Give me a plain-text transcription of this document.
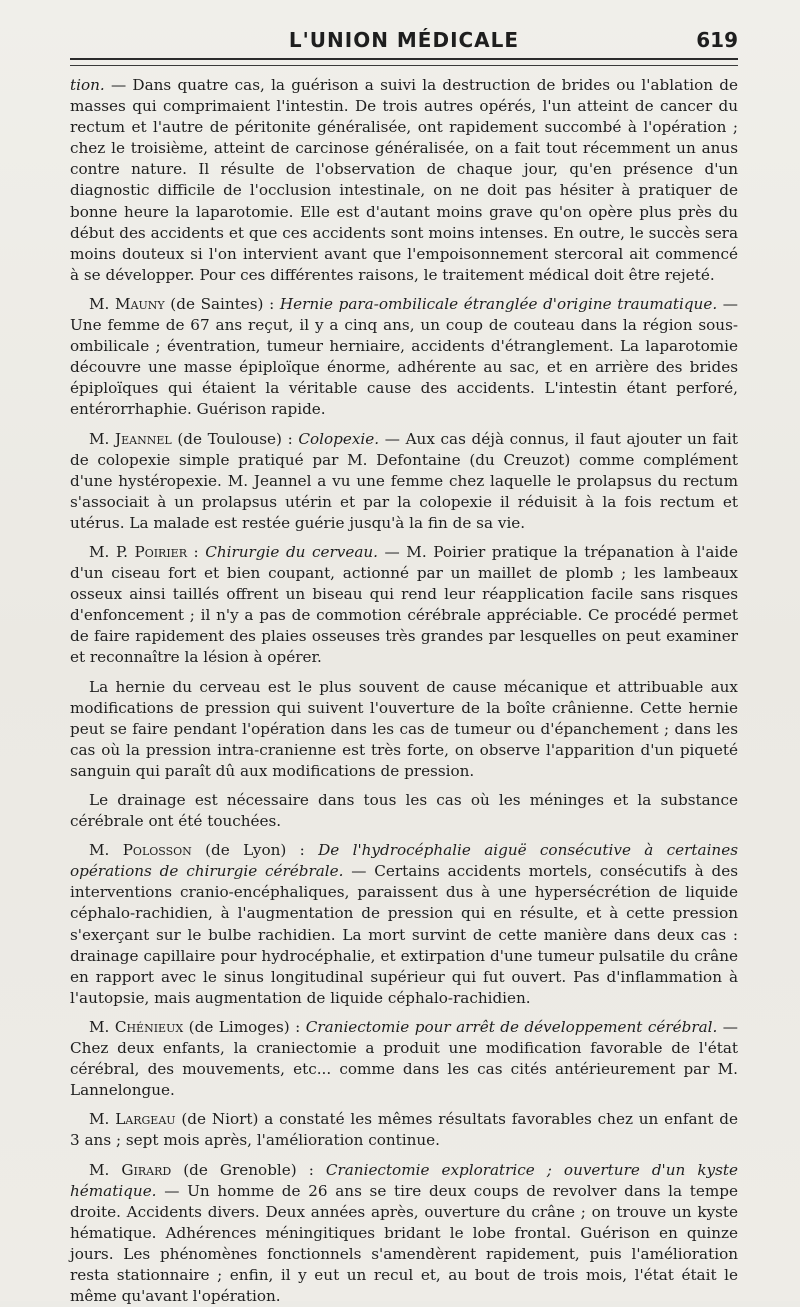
L'UNION MÉDICALE	619

tion. — Dans quatre cas, la guérison a suivi la destruction de brides ou l'ablation de masses qui comprimaient l'intestin. De trois autres opérés, l'un atteint de cancer du rectum et l'autre de péritonite généralisée, ont rapidement succombé à l'opération ; chez le troisième, atteint de carcinose généralisée, on a fait tout récemment un anus contre nature. Il résulte de l'observation de chaque jour, qu'en présence d'un diagnostic difficile de l'occlusion intestinale, on ne doit pas hésiter à pratiquer de bonne heure la laparotomie. Elle est d'autant moins grave qu'on opère plus près du début des accidents et que ces accidents sont moins intenses. En outre, le succès sera moins douteux si l'on intervient avant que l'empoisonnement stercoral ait commencé à se développer. Pour ces différentes raisons, le traitement médical doit être rejeté.

M. Mauny (de Saintes) : Hernie para-ombilicale étranglée d'origine traumatique. — Une femme de 67 ans reçut, il y a cinq ans, un coup de couteau dans la région sous-ombilicale ; éventration, tumeur herniaire, accidents d'étranglement. La laparotomie découvre une masse épiploïque énorme, adhérente au sac, et en arrière des brides épiploïques qui étaient la véritable cause des accidents. L'intestin étant perforé, entérorrhaphie. Guérison rapide.

M. Jeannel (de Toulouse) : Colopexie. — Aux cas déjà connus, il faut ajouter un fait de colopexie simple pratiqué par M. Defontaine (du Creuzot) comme complément d'une hystéropexie. M. Jeannel a vu une femme chez laquelle le prolapsus du rectum s'associait à un prolapsus utérin et par la colopexie il réduisit à la fois rectum et utérus. La malade est restée guérie jusqu'à la fin de sa vie.

M. P. Poirier : Chirurgie du cerveau. — M. Poirier pratique la trépanation à l'aide d'un ciseau fort et bien coupant, actionné par un maillet de plomb ; les lambeaux osseux ainsi taillés offrent un biseau qui rend leur réapplication facile sans risques d'enfoncement ; il n'y a pas de commotion cérébrale appréciable. Ce procédé permet de faire rapidement des plaies osseuses très grandes par lesquelles on peut examiner et reconnaître la lésion à opérer.

La hernie du cerveau est le plus souvent de cause mécanique et attribuable aux modifications de pression qui suivent l'ouverture de la boîte crânienne. Cette hernie peut se faire pendant l'opération dans les cas de tumeur ou d'épanchement ; dans les cas où la pression intra-cranienne est très forte, on observe l'apparition d'un piqueté sanguin qui paraît dû aux modifications de pression.

Le drainage est nécessaire dans tous les cas où les méninges et la substance cérébrale ont été touchées.

M. Polosson (de Lyon) : De l'hydrocéphalie aiguë consécutive à certaines opérations de chirurgie cérébrale. — Certains accidents mortels, consécutifs à des interventions cranio-encéphaliques, paraissent dus à une hypersécrétion de liquide céphalo-rachidien, à l'augmentation de pression qui en résulte, et à cette pression s'exerçant sur le bulbe rachidien. La mort survint de cette manière dans deux cas : drainage capillaire pour hydrocéphalie, et extirpation d'une tumeur pulsatile du crâne en rapport avec le sinus longitudinal supérieur qui fut ouvert. Pas d'inflammation à l'autopsie, mais augmentation de liquide céphalo-rachidien.

M. Chénieux (de Limoges) : Craniectomie pour arrêt de développement cérébral. — Chez deux enfants, la craniectomie a produit une modification favorable de l'état cérébral, des mouvements, etc... comme dans les cas cités antérieurement par M. Lannelongue.

M. Largeau (de Niort) a constaté les mêmes résultats favorables chez un enfant de 3 ans ; sept mois après, l'amélioration continue.

M. Girard (de Grenoble) : Craniectomie exploratrice ; ouverture d'un kyste hématique. — Un homme de 26 ans se tire deux coups de revolver dans la tempe droite. Accidents divers. Deux années après, ouverture du crâne ; on trouve un kyste hématique. Adhérences méningitiques bridant le lobe frontal. Guérison en quinze jours. Les phénomènes fonctionnels s'amendèrent rapidement, puis l'amélioration resta stationnaire ; enfin, il y eut un recul et, au bout de trois mois, l'état était le même qu'avant l'opération.
